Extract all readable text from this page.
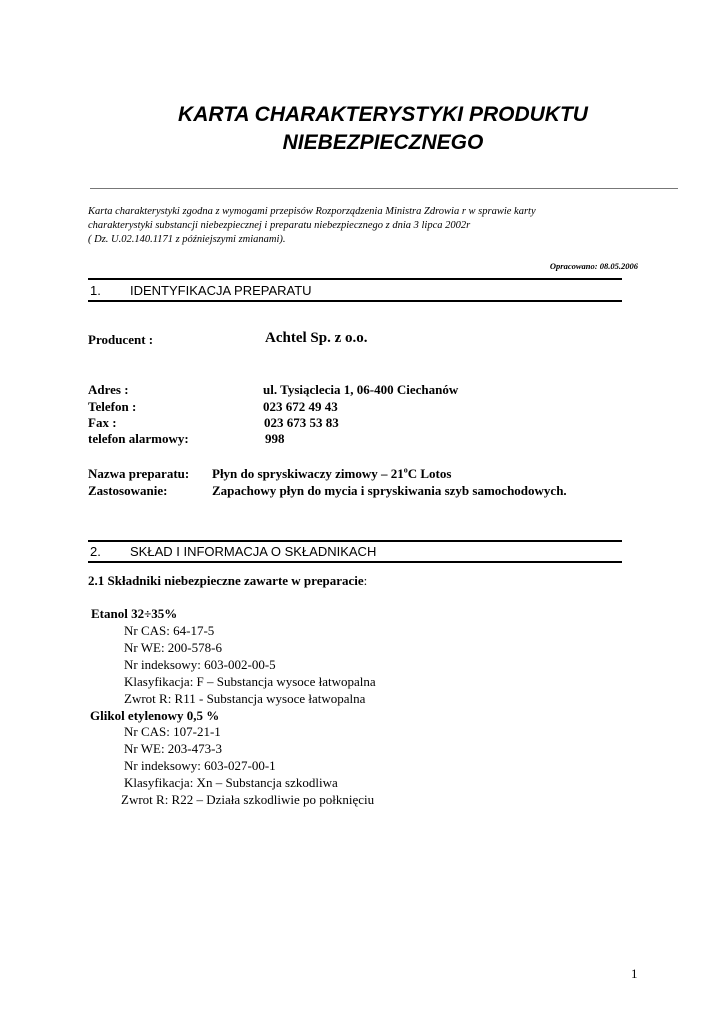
KARTA CHARAKTERYSTYKI PRODUKTU
NIEBEZPIECZNEGO
Karta charakterystyki zgodna z wymogami przepisów Rozporządzenia Ministra Zdrowia r w sprawie karty
charakterystyki substancji niebezpiecznej i preparatu niebezpiecznego z dnia 3 lipca 2002r
( Dz. U.02.140.1171 z późniejszymi zmianami).
Opracowano: 08.05.2006
1. IDENTYFIKACJA PREPARATU
Producent :	Achtel Sp. z o.o.
Adres :	ul. Tysiąclecia 1, 06-400 Ciechanów
Telefon :	023 672 49 43
Fax :	023 673 53 83
telefon alarmowy:	998
Nazwa preparatu: Płyn do spryskiwaczy zimowy – 21$^o$C Lotos
Zastosowanie:	Zapachowy płyn do mycia i spryskiwania szyb samochodowych.
2. SKŁAD I INFORMACJA O SKŁADNIKACH
2.1 Składniki niebezpieczne zawarte w preparacie:
Etanol 32÷35%
Nr CAS: 64-17-5
Nr WE: 200-578-6
Nr indeksowy: 603-002-00-5
Klasyfikacja: F – Substancja wysoce łatwopalna
Zwrot R: R11 - Substancja wysoce łatwopalna
Glikol etylenowy 0,5 %
Nr CAS: 107-21-1
Nr WE: 203-473-3
Nr indeksowy: 603-027-00-1
Klasyfikacja: Xn – Substancja szkodliwa
Zwrot R: R22 – Działa szkodliwie po połknięciu
1
